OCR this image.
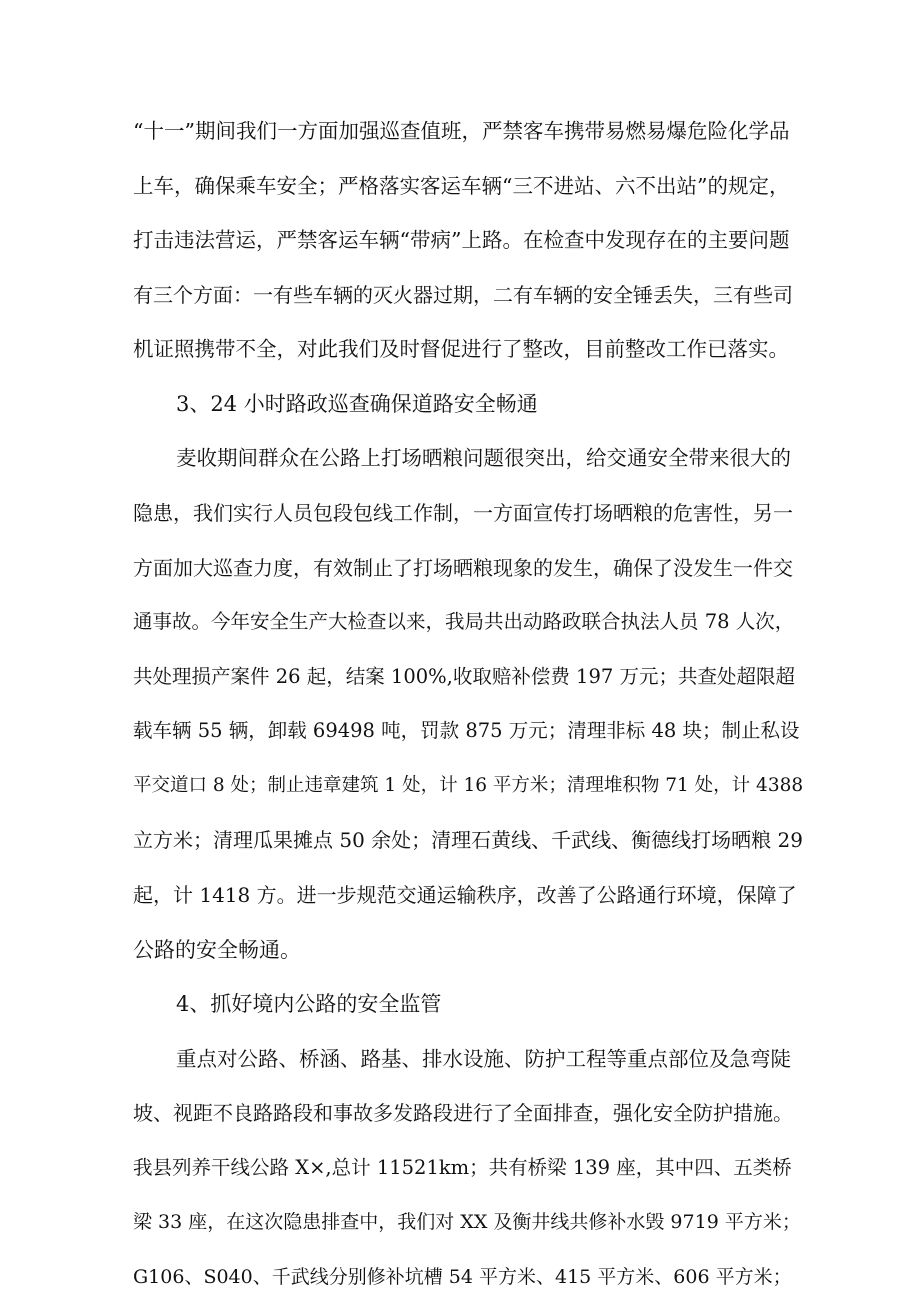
“十一”期间我们一方面加强巡查值班，严禁客车携带易燃易爆危险化学品
上车，确保乘车安全；严格落实客运车辆“三不进站、六不出站”的规定，
打击违法营运，严禁客运车辆“带病”上路。在检查中发现存在的主要问题
有三个方面：一有些车辆的灭火器过期，二有车辆的安全锤丢失，三有些司
机证照携带不全，对此我们及时督促进行了整改，目前整改工作已落实。
3、24 小时路政巡查确保道路安全畅通
麦收期间群众在公路上打场晒粮问题很突出，给交通安全带来很大的
隐患，我们实行人员包段包线工作制，一方面宣传打场晒粮的危害性，另一
方面加大巡查力度，有效制止了打场晒粮现象的发生，确保了没发生一件交
通事故。今年安全生产大检查以来，我局共出动路政联合执法人员 78 人次，
共处理损产案件 26 起，结案 100%,收取赔补偿费 197 万元；共查处超限超
载车辆 55 辆，卸载 69498 吨，罚款 875 万元；清理非标 48 块；制止私设
平交道口 8 处；制止违章建筑 1 处，计 16 平方米；清理堆积物 71 处，计 4388
立方米；清理瓜果摊点 50 余处；清理石黄线、千武线、衡德线打场晒粮 29
起，计 1418 方。进一步规范交通运输秩序，改善了公路通行环境，保障了
公路的安全畅通。
4、抓好境内公路的安全监管
重点对公路、桥涵、路基、排水设施、防护工程等重点部位及急弯陡
坡、视距不良路路段和事故多发路段进行了全面排查，强化安全防护措施。
我县列养干线公路 X×,总计 11521km；共有桥梁 139 座，其中四、五类桥
梁 33 座，在这次隐患排查中，我们对 XX 及衡井线共修补水毁 9719 平方米；
G106、S040、千武线分别修补坑槽 54 平方米、415 平方米、606 平方米；
